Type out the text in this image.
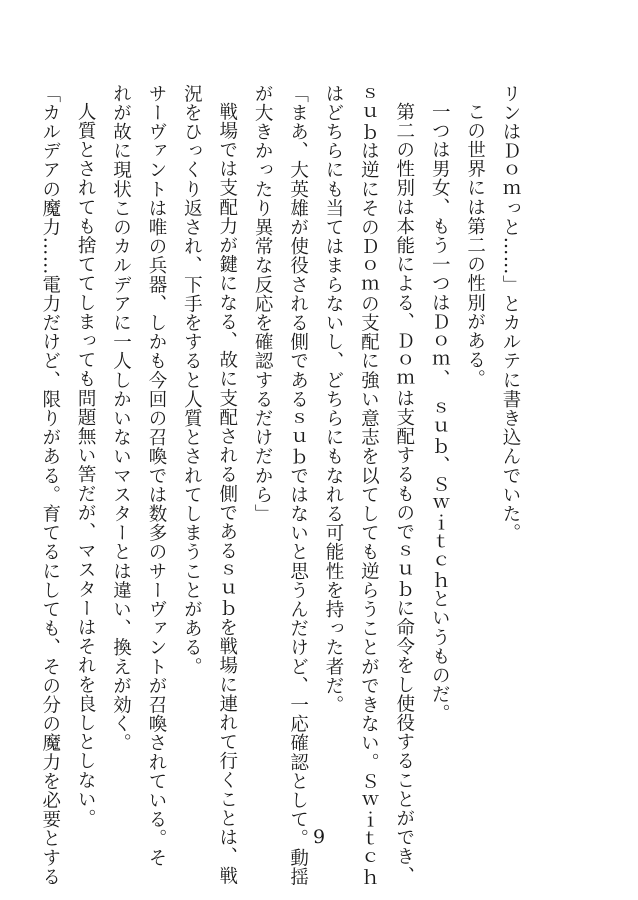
リンはＤｏｍっと……」とカルテに書き込んでいた。
この世界には第二の性別がある。
一つは男女、もう一つはＤｏｍ、　ｓｕｂ、Ｓｗｉｔｃｈというものだ。
第二の性別は本能による、Ｄｏｍは支配するものでｓｕｂに命令をし使役することができ、
ｓｕｂは逆にそのＤｏｍの支配に強い意志を以てしても逆らうことができない。Ｓｗｉｔｃｈ
はどちらにも当てはまらないし、どちらにもなれる可能性を持った者だ。
「まあ、大英雄が使役される側であるｓｕｂではないと思うんだけど、一応確認として。動揺
が大きかったり異常な反応を確認するだけだから」
戦場では支配力が鍵になる、故に支配される側であるｓｕｂを戦場に連れて行くことは、戦
況をひっくり返され、下手をすると人質とされてしまうことがある。
サーヴァントは唯の兵器、しかも今回の召喚では数多のサーヴァントが召喚されている。そ
れが故に現状このカルデアに一人しかいないマスターとは違い、換えが効く。
人質とされても捨ててしまっても問題無い筈だが、マスターはそれを良しとしない。
「カルデアの魔力……電力だけど、限りがある。育てるにしても、その分の魔力を必要とする	9
